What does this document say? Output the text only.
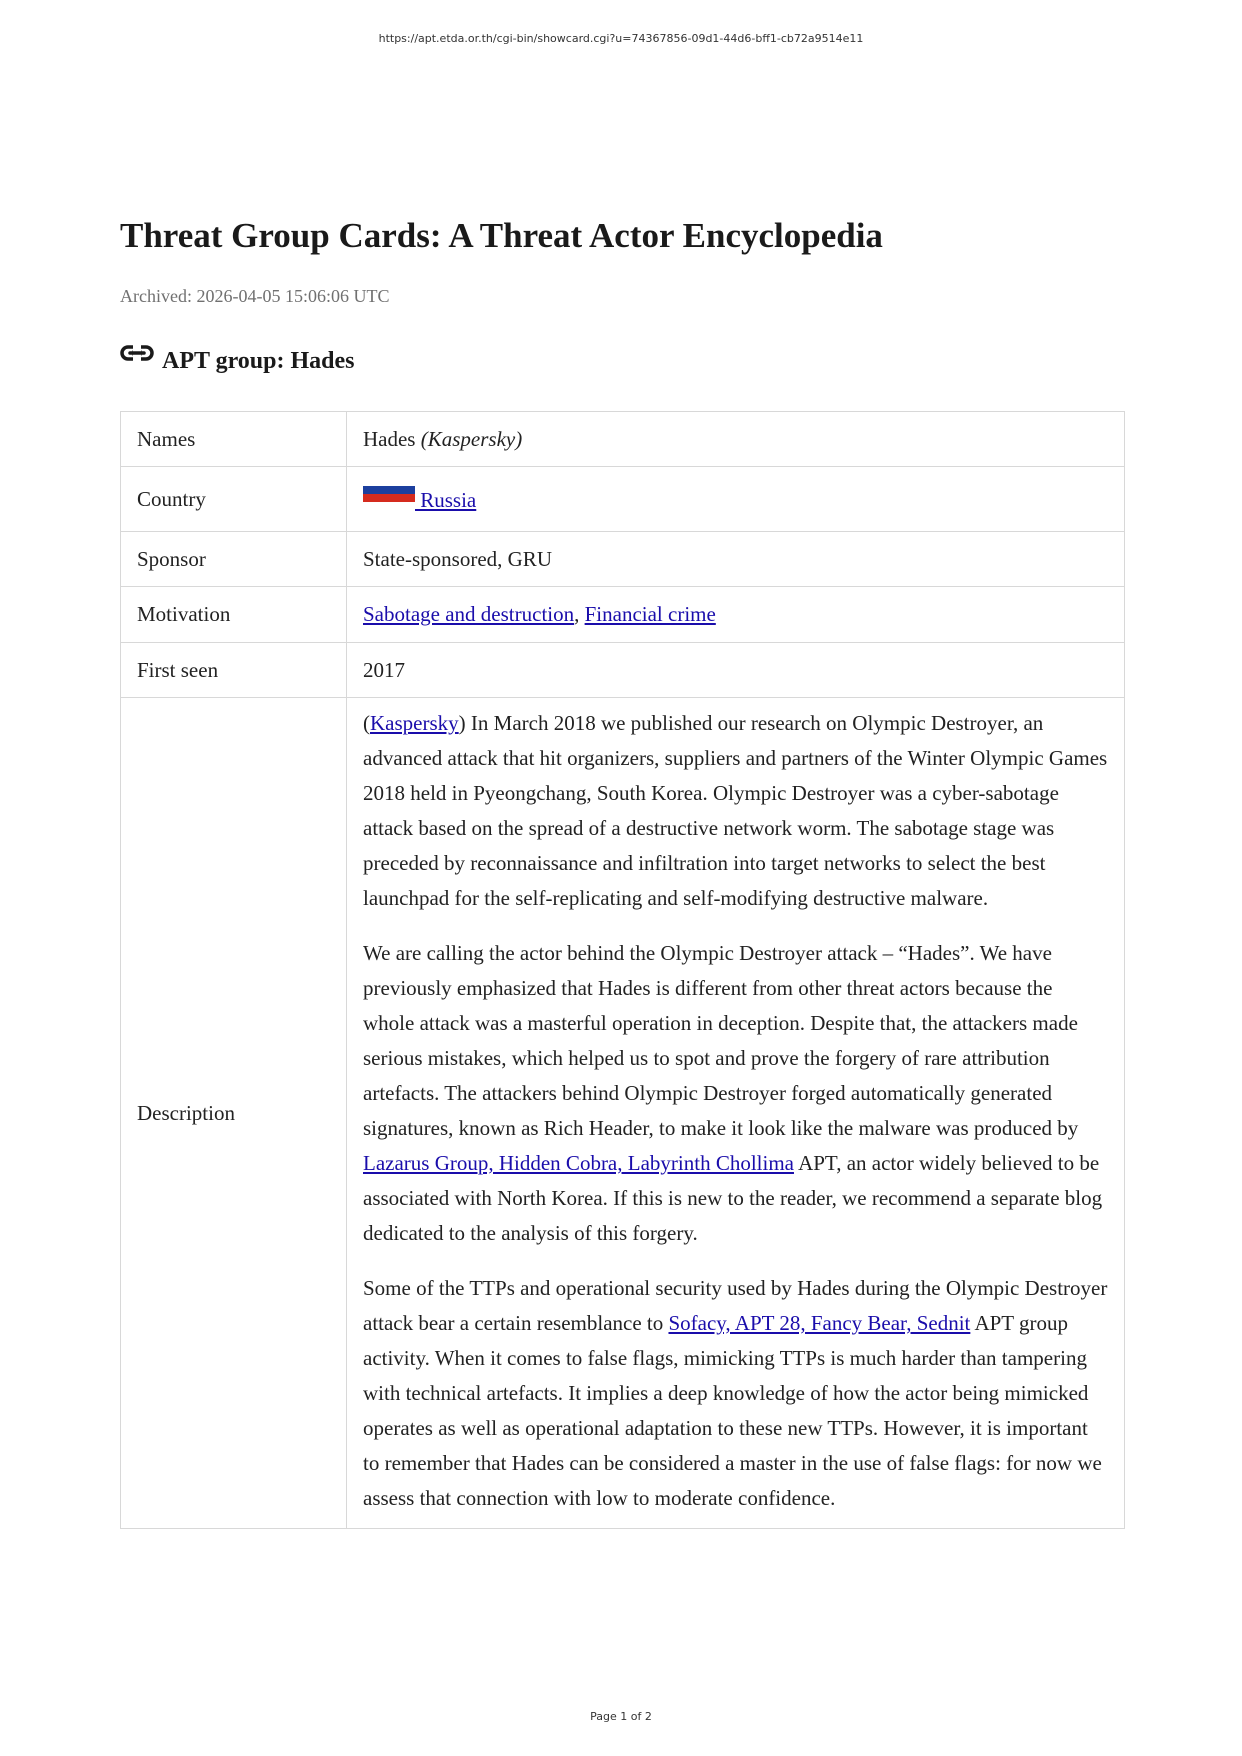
https://apt.etda.or.th/cgi-bin/showcard.cgi?u=74367856-09d1-44d6-bff1-cb72a9514e11
Threat Group Cards: A Threat Actor Encyclopedia
Archived: 2026-04-05 15:06:06 UTC
APT group: Hades
Names	Hades (Kaspersky)
Country	Russia
Sponsor	State-sponsored, GRU
Motivation	Sabotage and destruction, Financial crime
First seen	2017
Description	(Kaspersky) In March 2018 we published our research on Olympic Destroyer, an advanced attack that hit organizers, suppliers and partners of the Winter Olympic Games 2018 held in Pyeongchang, South Korea. Olympic Destroyer was a cyber-sabotage attack based on the spread of a destructive network worm. The sabotage stage was preceded by reconnaissance and infiltration into target networks to select the best launchpad for the self-replicating and self-modifying destructive malware.

We are calling the actor behind the Olympic Destroyer attack – “Hades”. We have previously emphasized that Hades is different from other threat actors because the whole attack was a masterful operation in deception. Despite that, the attackers made serious mistakes, which helped us to spot and prove the forgery of rare attribution artefacts. The attackers behind Olympic Destroyer forged automatically generated signatures, known as Rich Header, to make it look like the malware was produced by Lazarus Group, Hidden Cobra, Labyrinth Chollima APT, an actor widely believed to be associated with North Korea. If this is new to the reader, we recommend a separate blog dedicated to the analysis of this forgery.

Some of the TTPs and operational security used by Hades during the Olympic Destroyer attack bear a certain resemblance to Sofacy, APT 28, Fancy Bear, Sednit APT group activity. When it comes to false flags, mimicking TTPs is much harder than tampering with technical artefacts. It implies a deep knowledge of how the actor being mimicked operates as well as operational adaptation to these new TTPs. However, it is important to remember that Hades can be considered a master in the use of false flags: for now we assess that connection with low to moderate confidence.

Page 1 of 2
